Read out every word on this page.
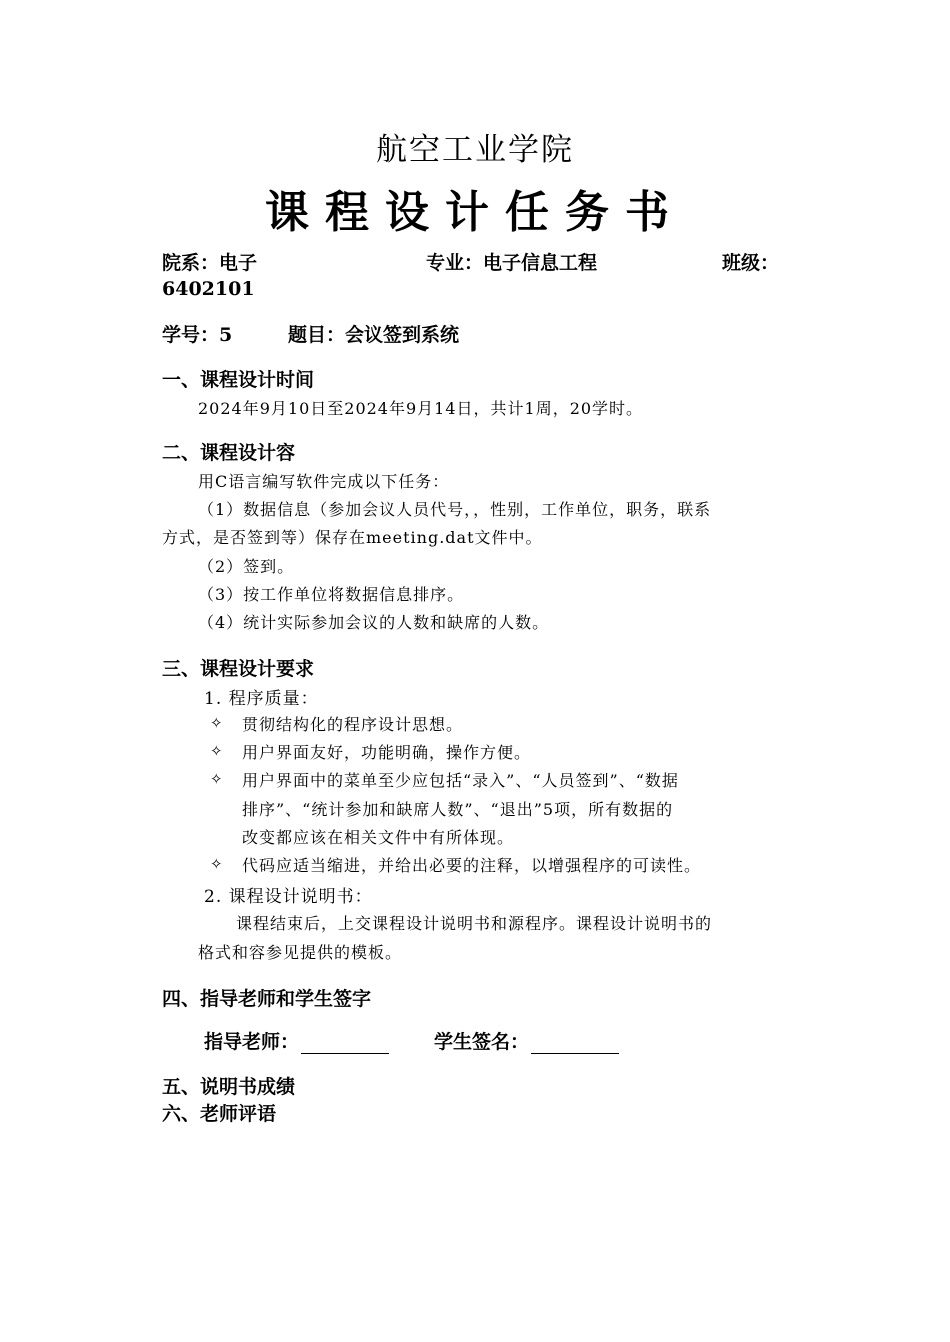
航空工业学院
课程设计任务书
院系：电子	专业：电子信息工程	班级：
6402101
学号：5	题目：会议签到系统
一、课程设计时间
2024年9月10日至2024年9月14日，共计1周，20学时。
二、课程设计容
用C语言编写软件完成以下任务：
（1）数据信息（参加会议人员代号，，性别，工作单位，职务，联系
方式，是否签到等）保存在meeting.dat文件中。
（2）签到。
（3）按工作单位将数据信息排序。
（4）统计实际参加会议的人数和缺席的人数。
三、课程设计要求
1. 程序质量：
✧ 贯彻结构化的程序设计思想。
✧ 用户界面友好，功能明确，操作方便。
✧ 用户界面中的菜单至少应包括“录入”、“人员签到”、“数据
排序”、“统计参加和缺席人数”、“退出”5项，所有数据的
改变都应该在相关文件中有所体现。
✧ 代码应适当缩进，并给出必要的注释，以增强程序的可读性。
2. 课程设计说明书：
课程结束后，上交课程设计说明书和源程序。课程设计说明书的
格式和容参见提供的模板。
四、指导老师和学生签字
指导老师：	学生签名：
五、说明书成绩
六、老师评语
